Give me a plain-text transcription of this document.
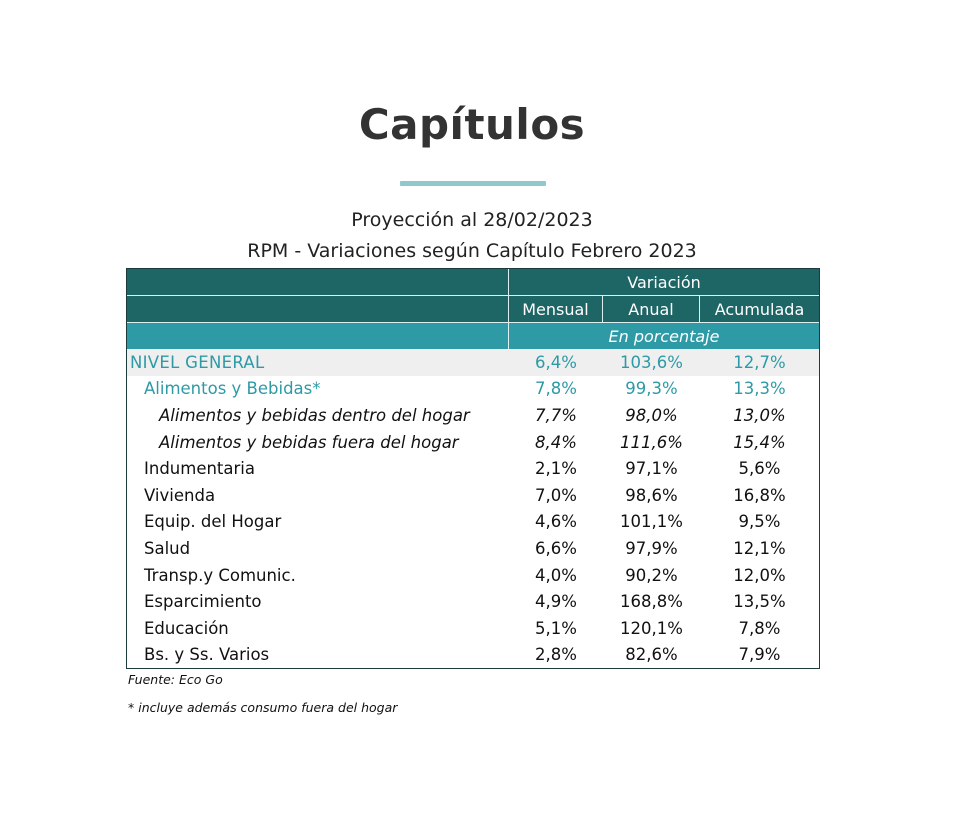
Capítulos
Proyección al 28/02/2023
RPM - Variaciones según Capítulo Febrero 2023
Variación
Mensual	Anual	Acumulada
En porcentaje
NIVEL GENERAL	6,4%	103,6%	12,7%
Alimentos y Bebidas*	7,8%	99,3%	13,3%
Alimentos y bebidas dentro del hogar	7,7%	98,0%	13,0%
Alimentos y bebidas fuera del hogar	8,4%	111,6%	15,4%
Indumentaria	2,1%	97,1%	5,6%
Vivienda	7,0%	98,6%	16,8%
Equip. del Hogar	4,6%	101,1%	9,5%
Salud	6,6%	97,9%	12,1%
Transp.y Comunic.	4,0%	90,2%	12,0%
Esparcimiento	4,9%	168,8%	13,5%
Educación	5,1%	120,1%	7,8%
Bs. y Ss. Varios	2,8%	82,6%	7,9%
Fuente: Eco Go
* incluye además consumo fuera del hogar
